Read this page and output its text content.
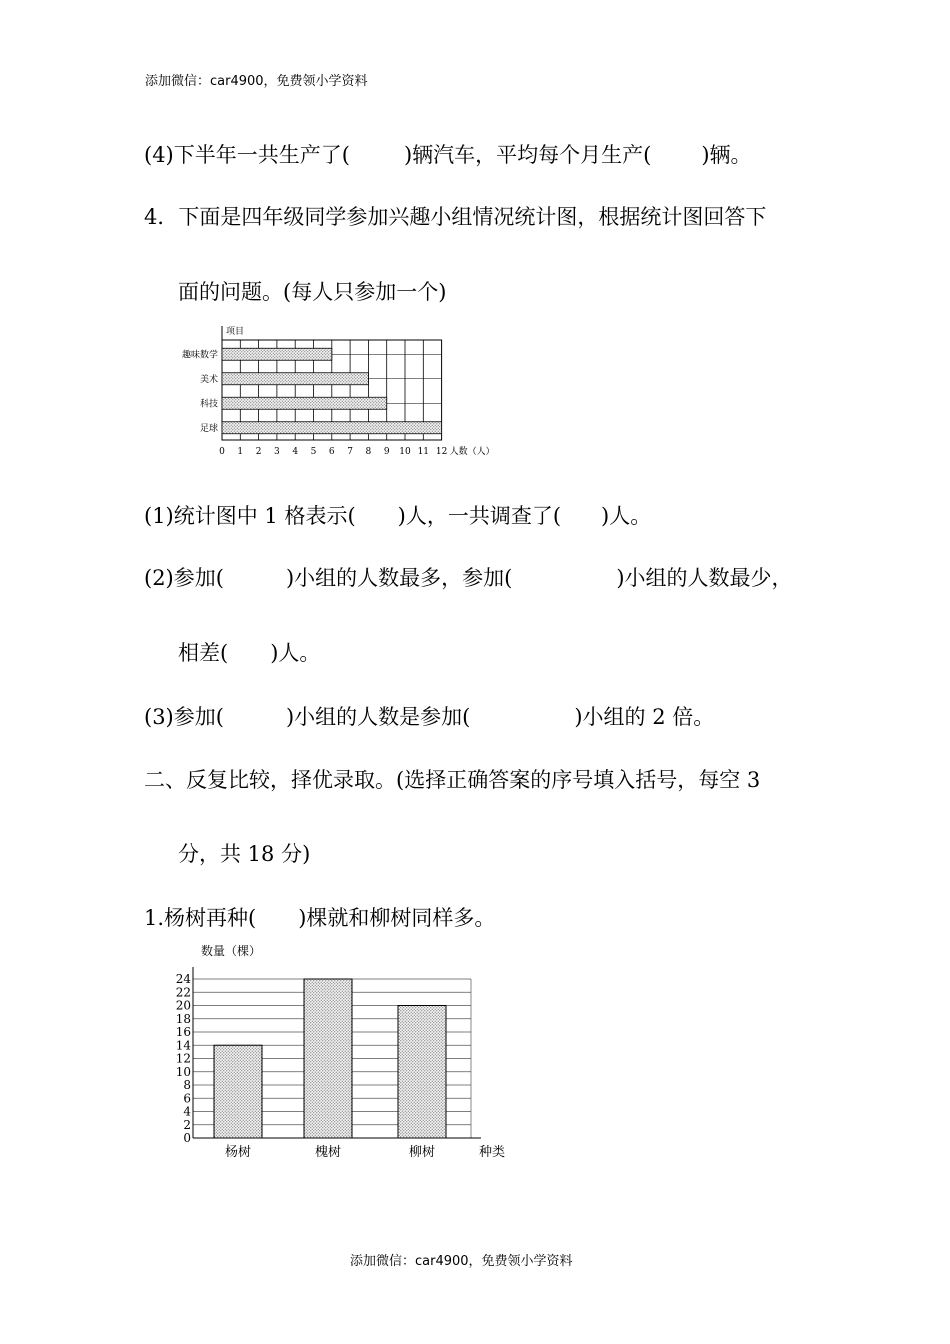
添加微信：car4900，免费领小学资料
(4)下半年一共生产了(	)辆汽车，平均每个月生产( )辆。
4．下面是四年级同学参加兴趣小组情况统计图，根据统计图回答下
面的问题。(每人只参加一个)
项目
趣味数学
美术
科技
足球
0 1 2 3 4 5 6 7 8 9 10 11 12 人数（人）
(1)统计图中 1 格表示( )人，一共调查了( )人。
(2)参加(	)小组的人数最多，参加(	)小组的人数最少，
相差( )人。
(3)参加(	)小组的人数是参加(	)小组的 2 倍。
二、反复比较，择优录取。(选择正确答案的序号填入括号，每空 3
分，共 18 分)
1.杨树再种( )棵就和柳树同样多。
数量（棵）
0
2
4
6
8
10
12
14
16
18
20
22
24
杨树	槐树	柳树	种类
添加微信：car4900，免费领小学资料
